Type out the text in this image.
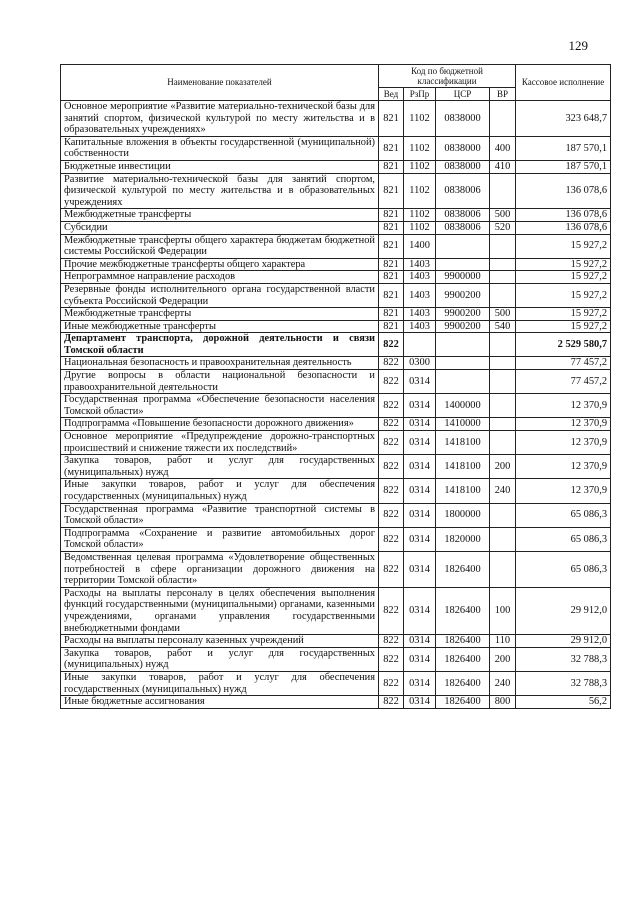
129
Наименование показателей	Код по бюджетной классификации				Кассовое исполнение
	Вед	РзПр	ЦСР	ВР	
Основное мероприятие «Развитие материально-технической базы для занятий спортом, физической культурой по месту жительства и в образовательных учреждениях»	821	1102	0838000		323 648,7
Капитальные вложения в объекты государственной (муниципальной) собственности	821	1102	0838000	400	187 570,1
Бюджетные инвестиции	821	1102	0838000	410	187 570,1
Развитие материально-технической базы для занятий спортом, физической культурой по месту жительства и в образовательных учреждениях	821	1102	0838006		136 078,6
Межбюджетные трансферты	821	1102	0838006	500	136 078,6
Субсидии	821	1102	0838006	520	136 078,6
Межбюджетные трансферты общего характера бюджетам бюджетной системы Российской Федерации	821	1400			15 927,2
Прочие межбюджетные трансферты общего характера	821	1403			15 927,2
Непрограммное направление расходов	821	1403	9900000		15 927,2
Резервные фонды исполнительного органа государственной власти субъекта Российской Федерации	821	1403	9900200		15 927,2
Межбюджетные трансферты	821	1403	9900200	500	15 927,2
Иные межбюджетные трансферты	821	1403	9900200	540	15 927,2
Департамент транспорта, дорожной деятельности и связи Томской области	822				2 529 580,7
Национальная безопасность и правоохранительная деятельность	822	0300			77 457,2
Другие вопросы в области национальной безопасности и правоохранительной деятельности	822	0314			77 457,2
Государственная программа «Обеспечение безопасности населения Томской области»	822	0314	1400000		12 370,9
Подпрограмма «Повышение безопасности дорожного движения»	822	0314	1410000		12 370,9
Основное мероприятие «Предупреждение дорожно-транспортных происшествий и снижение тяжести их последствий»	822	0314	1418100		12 370,9
Закупка товаров, работ и услуг для государственных (муниципальных) нужд	822	0314	1418100	200	12 370,9
Иные закупки товаров, работ и услуг для обеспечения государственных (муниципальных) нужд	822	0314	1418100	240	12 370,9
Государственная программа «Развитие транспортной системы в Томской области»	822	0314	1800000		65 086,3
Подпрограмма «Сохранение и развитие автомобильных дорог Томской области»	822	0314	1820000		65 086,3
Ведомственная целевая программа «Удовлетворение общественных потребностей в сфере организации дорожного движения на территории Томской области»	822	0314	1826400		65 086,3
Расходы на выплаты персоналу в целях обеспечения выполнения функций государственными (муниципальными) органами, казенными учреждениями, органами управления государственными внебюджетными фондами	822	0314	1826400	100	29 912,0
Расходы на выплаты персоналу казенных учреждений	822	0314	1826400	110	29 912,0
Закупка товаров, работ и услуг для государственных (муниципальных) нужд	822	0314	1826400	200	32 788,3
Иные закупки товаров, работ и услуг для обеспечения государственных (муниципальных) нужд	822	0314	1826400	240	32 788,3
Иные бюджетные ассигнования	822	0314	1826400	800	56,2
